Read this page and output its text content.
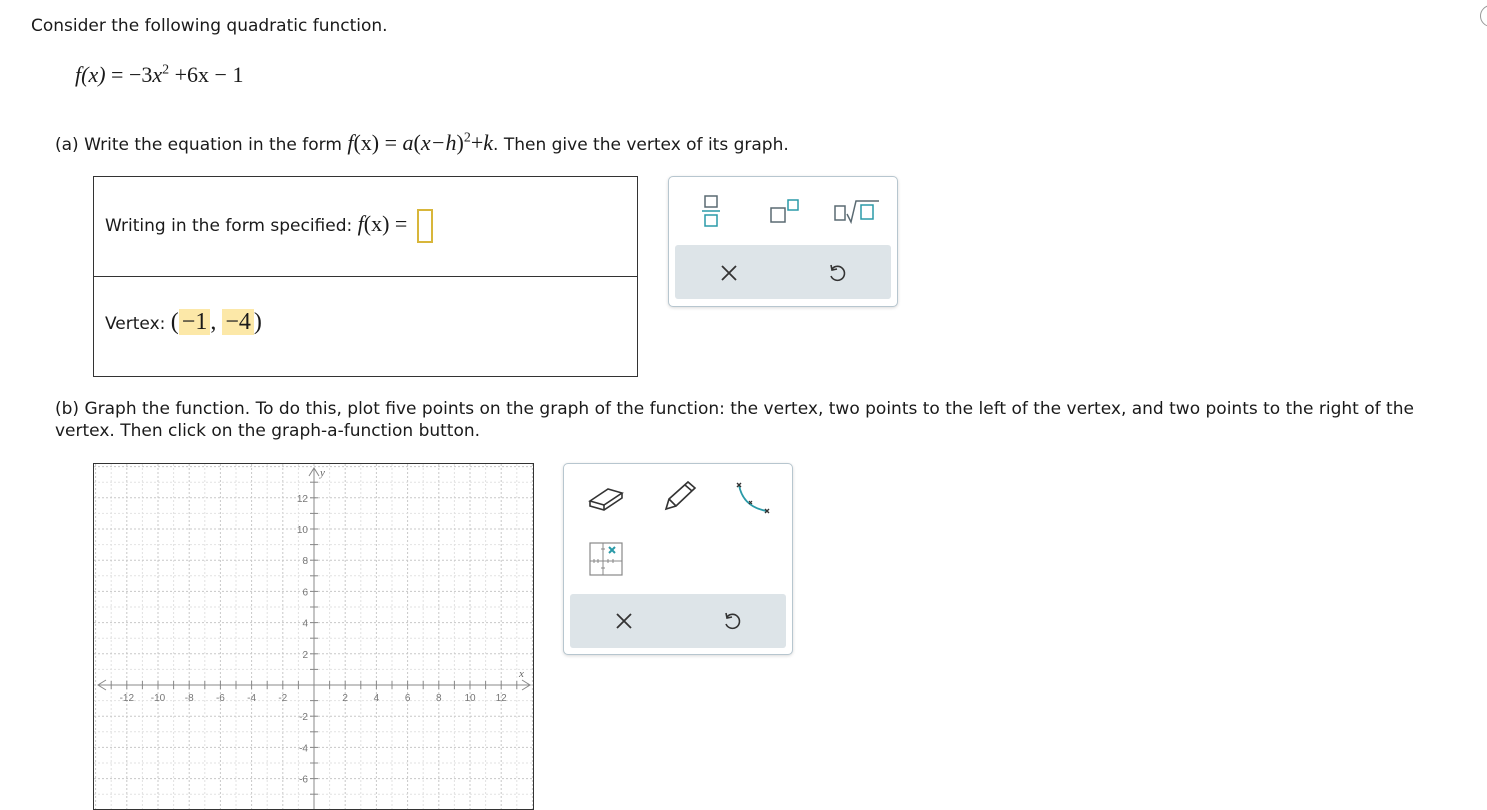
Consider the following quadratic function.
$f(x) = -3x^2 +6x - 1$
(a) Write the equation in the form $f(x) = a(x-h)^2+k$. Then give the vertex of its graph.
Writing in the form specified: f(x) =
Vertex: ( −1 , −4 )
(b) Graph the function. To do this, plot five points on the graph of the function: the vertex, two points to the left of the vertex, and two points to the right of the vertex. Then click on the graph-a-function button.
x
y
-12 -10 -8 -6 -4 -2	2	4	6	8 10 12
12
10
8
6
4
2
-2
-4
-6
